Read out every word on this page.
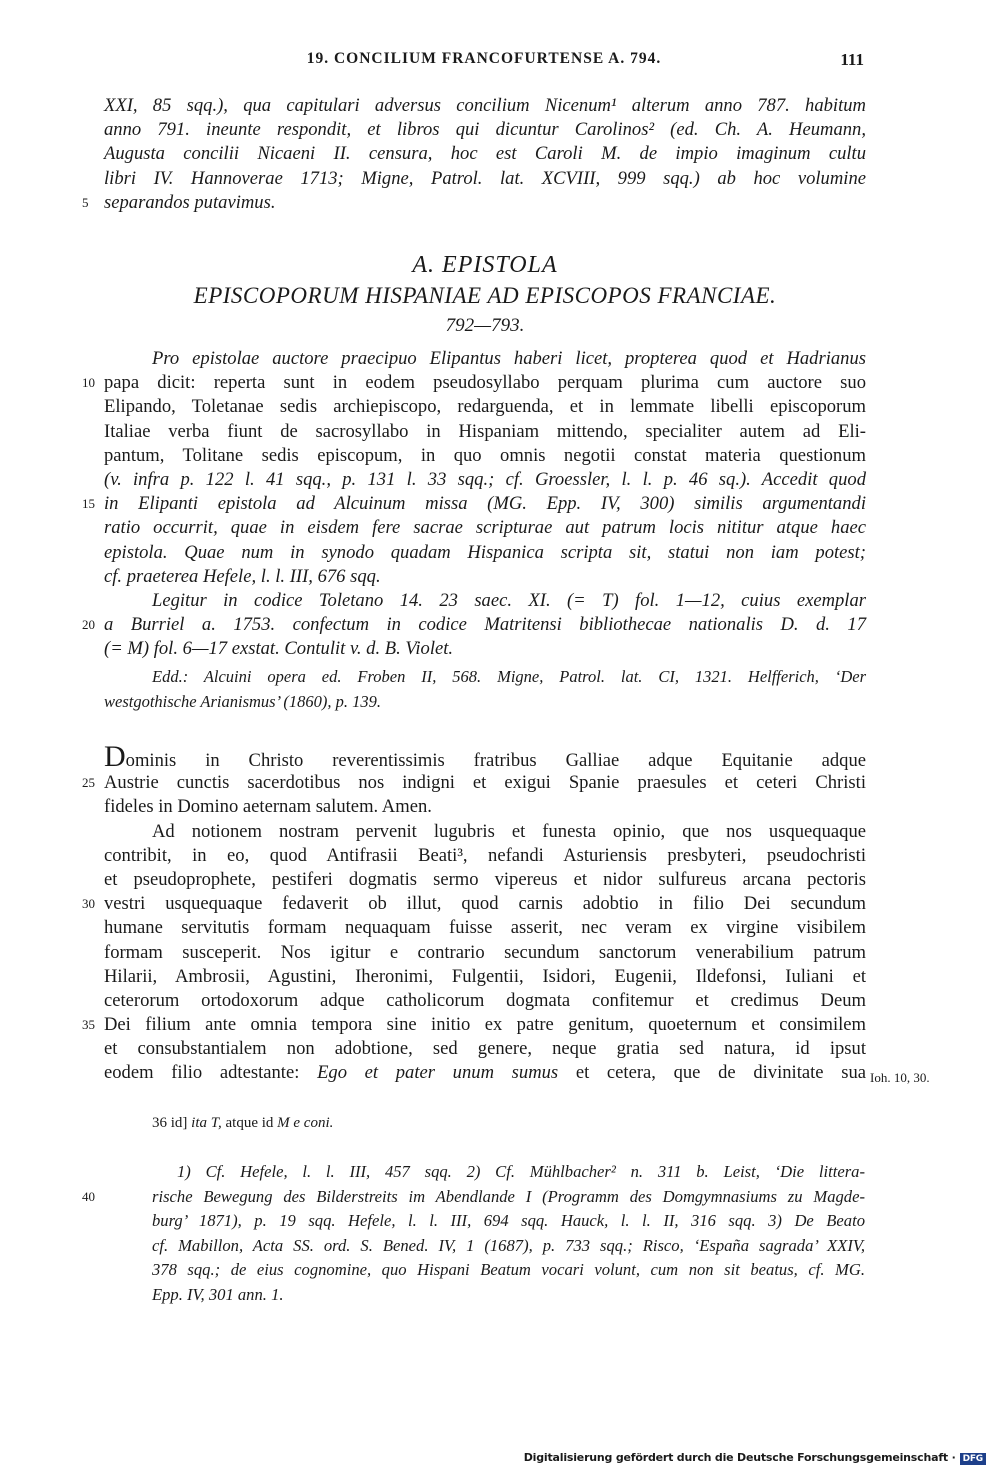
19. CONCILIUM FRANCOFURTENSE A. 794.	111
XXI, 85 sqq.), qua capitulari adversus concilium Nicenum¹ alterum anno 787. habitum
anno 791. ineunte respondit, et libros qui dicuntur Carolinos² (ed. Ch. A. Heumann,
Augusta concilii Nicaeni II. censura, hoc est Caroli M. de impio imaginum cultu
libri IV. Hannoverae 1713; Migne, Patrol. lat. XCVIII, 999 sqq.) ab hoc volumine
5 separandos putavimus.
A. EPISTOLA
EPISCOPORUM HISPANIAE AD EPISCOPOS FRANCIAE.
792—793.
Pro epistolae auctore praecipuo Elipantus haberi licet, propterea quod et Hadrianus
10 papa dicit: reperta sunt in eodem pseudosyllabo perquam plurima cum auctore suo
Elipando, Toletanae sedis archiepiscopo, redarguenda, et in lemmate libelli episcoporum
Italiae verba fiunt de sacrosyllabo in Hispaniam mittendo, specialiter autem ad Eli-
pantum, Tolitane sedis episcopum, in quo omnis negotii constat materia questionum
(v. infra p. 122 l. 41 sqq., p. 131 l. 33 sqq.; cf. Groessler, l. l. p. 46 sq.). Accedit quod
15 in Elipanti epistola ad Alcuinum missa (MG. Epp. IV, 300) similis argumentandi
ratio occurrit, quae in eisdem fere sacrae scripturae aut patrum locis nititur atque haec
epistola. Quae num in synodo quadam Hispanica scripta sit, statui non iam potest;
cf. praeterea Hefele, l. l. III, 676 sqq.
Legitur in codice Toletano 14. 23 saec. XI. (= T) fol. 1—12, cuius exemplar
20 a Burriel a. 1753. confectum in codice Matritensi bibliothecae nationalis D. d. 17
(= M) fol. 6—17 exstat. Contulit v. d. B. Violet.
Edd.: Alcuini opera ed. Froben II, 568. Migne, Patrol. lat. CI, 1321. Helfferich, ‘Der
westgothische Arianismus’ (1860), p. 139.
Dominis in Christo reverentissimis fratribus Galliae adque Equitanie adque
25 Austrie cunctis sacerdotibus nos indigni et exigui Spanie praesules et ceteri Christi
fideles in Domino aeternam salutem. Amen.
Ad notionem nostram pervenit lugubris et funesta opinio, que nos usquequaque
contribit, in eo, quod Antifrasii Beati³, nefandi Asturiensis presbyteri, pseudochristi
et pseudoprophete, pestiferi dogmatis sermo vipereus et nidor sulfureus arcana pectoris
30 vestri usquequaque fedaverit ob illut, quod carnis adobtio in filio Dei secundum
humane servitutis formam nequaquam fuisse asserit, nec veram ex virgine visibilem
formam susceperit. Nos igitur e contrario secundum sanctorum venerabilium patrum
Hilarii, Ambrosii, Agustini, Iheronimi, Fulgentii, Isidori, Eugenii, Ildefonsi, Iuliani et
ceterorum ortodoxorum adque catholicorum dogmata confitemur et credimus Deum
35 Dei filium ante omnia tempora sine initio ex patre genitum, quoeternum et consimilem
et consubstantialem non adobtione, sed genere, neque gratia sed natura, id ipsut
eodem filio adtestante: Ego et pater unum sumus et cetera, que de divinitate sua Ioh. 10, 30.
36 id] ita T, atque id M e coni.
1) Cf. Hefele, l. l. III, 457 sqq. 2) Cf. Mühlbacher² n. 311 b. Leist, ‘Die littera-
40	rische Bewegung des Bilderstreits im Abendlande I (Programm des Domgymnasiums zu Magde-
burg’ 1871), p. 19 sqq. Hefele, l. l. III, 694 sqq. Hauck, l. l. II, 316 sqq. 3) De Beato
cf. Mabillon, Acta SS. ord. S. Bened. IV, 1 (1687), p. 733 sqq.; Risco, ‘España sagrada’ XXIV,
378 sqq.; de eius cognomine, quo Hispani Beatum vocari volunt, cum non sit beatus, cf. MG.
Epp. IV, 301 ann. 1.
Digitalisierung gefördert durch die Deutsche Forschungsgemeinschaft · DFG
